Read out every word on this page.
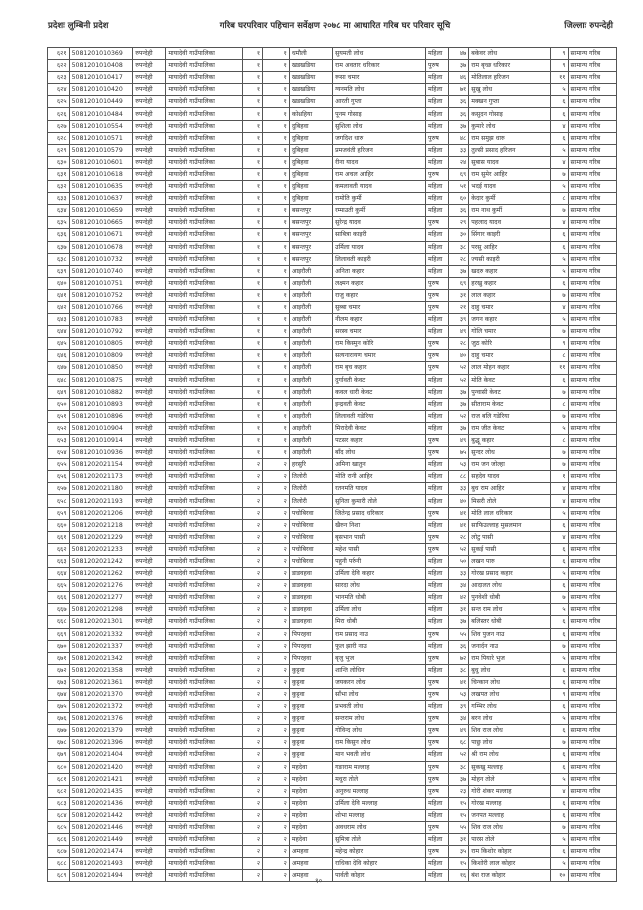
प्रदेशः लुम्बिनी प्रदेश	गरिब घरपरिवार पहिचान सर्वेक्षण २०७८ मा आधारित गरिब घर परिवार सूचि	जिल्लाः रुपन्देही
६२१	5081201010369	रुपन्देही	मायादेवी गाउँपालिका	१	१	धमौली	सुयमती लोध	महिला	४७	बकेवर लोध	९	सामान्य गरिब
६२२	5081201010408	रुपन्देही	मायादेवी गाउँपालिका	१	१	खडखडिया	राम अवतार धरिकार	पुरुष	३७	राम बृच्छ धरिकार	९	सामान्य गरिब
६२३	5081201010417	रुपन्देही	मायादेवी गाउँपालिका	१	१	खडखडिया	रूसा चमार	महिला	४६	मोतिलाल हरिजन	११	सामान्य गरिब
६२४	5081201010420	रुपन्देही	मायादेवी गाउँपालिका	१	१	खडखडिया	ग्यनमति लोध	महिला	७१	सुखु लोध	५	सामान्य गरिब
६२५	5081201010449	रुपन्देही	मायादेवी गाउँपालिका	१	१	खडखडिया	आरती गुप्ता	महिला	३६	मक्खन गुप्ता	६	सामान्य गरिब
६२६	5081201010484	रुपन्देही	मायादेवी गाउँपालिका	१	१	कोथ्रहिया	पूनम गोसाइ	महिला	३६	कसुदन गोसाइ	६	सामान्य गरिब
६२७	5081201010554	रुपन्देही	मायादेवी गाउँपालिका	१	१	दुबिहवा	सुशिला लोध	महिला	३७	कुमारे लोध	४	सामान्य गरिब
६२८	5081201010571	रुपन्देही	मायादेवी गाउँपालिका	१	१	दुबिहवा	जगदिश धारु	पुरुष	४८	राम समुझ धारु	६	सामान्य गरिब
६२९	5081201010579	रुपन्देही	मायादेवी गाउँपालिका	१	१	दुबिहवा	प्रमजवंती हरिजन	महिला	३३	तुल्सी प्रसाद हरिजन	५	सामान्य गरिब
६३०	5081201010601	रुपन्देही	मायादेवी गाउँपालिका	१	१	दुबिहवा	रीना यादव	महिला	२४	सुबास यादव	४	सामान्य गरिब
६३१	5081201010618	रुपन्देही	मायादेवी गाउँपालिका	१	१	दुबिहवा	राम अचल आहिर	पुरुष	६९	राम सुमेर आहिर	७	सामान्य गरिब
६३२	5081201010635	रुपन्देही	मायादेवी गाउँपालिका	१	१	दुबिहवा	कमलावती यादव	महिला	५१	भदई यादव	५	सामान्य गरिब
६३३	5081201010637	रुपन्देही	मायादेवी गाउँपालिका	१	१	दुबिहवा	रामोति कुर्मी	महिला	६०	केदार कुर्मी	८	सामान्य गरिब
६३४	5081201010659	रुपन्देही	मायादेवी गाउँपालिका	१	१	बसन्तपुर	रम्माउती कुर्मी	महिला	३६	राम नाथ कुर्मी	७	सामान्य गरिब
६३५	5081201010665	रुपन्देही	मायादेवी गाउँपालिका	१	१	बसन्तपुर	सुरेन्द्र यादव	पुरुष	२९	पहलाद यादव	४	सामान्य गरिब
६३६	5081201010671	रुपन्देही	मायादेवी गाउँपालिका	१	१	बसन्तपुर	साबित्रा काइरी	महिला	३०	सिंगार काइरी	६	सामान्य गरिब
६३७	5081201010678	रुपन्देही	मायादेवी गाउँपालिका	१	१	बसन्तपुर	उर्मिला यादव	महिला	३८	परसु आहिर	६	सामान्य गरिब
६३८	5081201010732	रुपन्देही	मायादेवी गाउँपालिका	१	१	बसन्तपुर	लिलावती काइरी	महिला	२८	ज्यसी काइरी	५	सामान्य गरिब
६३९	5081201010740	रुपन्देही	मायादेवी गाउँपालिका	१	१	आइरौली	अनिता कहार	महिला	३७	खदरु कहार	५	सामान्य गरिब
६४०	5081201010751	रुपन्देही	मायादेवी गाउँपालिका	१	१	आइरौली	लक्ष्मन कहार	पुरुष	६९	हरखु कहार	६	सामान्य गरिब
६४१	5081201010752	रुपन्देही	मायादेवी गाउँपालिका	१	१	आइरौली	राजु कहार	पुरुष	३१	लाल कहार	७	सामान्य गरिब
६४२	5081201010766	रुपन्देही	मायादेवी गाउँपालिका	१	१	आइरौली	सुब्बा चमार	पुरुष	२१	दाहु चमार	४	सामान्य गरिब
६४३	5081201010783	रुपन्देही	मायादेवी गाउँपालिका	१	१	आइरौली	नीलम कहार	महिला	३९	जगन कहार	५	सामान्य गरिब
६४४	5081201010792	रुपन्देही	मायादेवी गाउँपालिका	१	१	आइरौली	सरस्व चमार	महिला	४९	गोलि चमार	७	सामान्य गरिब
६४५	5081201010805	रुपन्देही	मायादेवी गाउँपालिका	१	१	आइरौली	राम किस्मुन कोरि	पुरुष	२८	जुठ कोरि	९	सामान्य गरिब
६४६	5081201010809	रुपन्देही	मायादेवी गाउँपालिका	१	१	आइरौली	सत्यनारायण चमार	पुरुष	४०	दाहु चमार	८	सामान्य गरिब
६४७	5081201010850	रुपन्देही	मायादेवी गाउँपालिका	१	१	आइरौली	राम बृच कहार	पुरुष	५२	लाल मोहन कहार	११	सामान्य गरिब
६४८	5081201010875	रुपन्देही	मायादेवी गाउँपालिका	१	१	आइरौली	दुर्गावती केवट	महिला	५२	मोति केवट	६	सामान्य गरिब
६४९	5081201010882	रुपन्देही	मायादेवी गाउँपालिका	१	१	आइरौली	कवल धारी केवट	महिला	३७	पुन्वासी केवट	७	सामान्य गरिब
६५०	5081201010893	रुपन्देही	मायादेवी गाउँपालिका	१	१	आइरौली	इन्द्रवती केवट	महिला	३७	सीताराम केवट	८	सामान्य गरिब
६५१	5081201010896	रुपन्देही	मायादेवी गाउँपालिका	१	१	आइरौली	लिलावती गडेरिया	महिला	५२	राज बलि गडेरिया	७	सामान्य गरिब
६५२	5081201010904	रुपन्देही	मायादेवी गाउँपालिका	१	१	आइरौली	मिरादेवी केवट	महिला	३७	राम जीत केवट	५	सामान्य गरिब
६५३	5081201010914	रुपन्देही	मायादेवी गाउँपालिका	१	१	आइरौली	पटसर कहार	पुरुष	४९	बुद्धू कहार	८	सामान्य गरिब
६५४	5081201010936	रुपन्देही	मायादेवी गाउँपालिका	१	१	आइरौली	बाँद लोध	पुरुष	७५	सुन्दर लोध	७	सामान्य गरिब
६५५	5081202021154	रुपन्देही	मायादेवी गाउँपालिका	२	२	हरसुरि	अमिना खातुन	महिला	५३	राम जन जोल्हा	७	सामान्य गरिब
६५६	5081202021173	रुपन्देही	मायादेवी गाउँपालिका	२	२	तिलोरी	मोति रानी आहिर	महिला	८८	सहदेव यादव	१	सामान्य गरिब
६५७	5081202021180	रुपन्देही	मायादेवी गाउँपालिका	२	२	तिलोरी	रतनमति यादव	महिला	३३	बुध राम आहिर	४	सामान्य गरिब
६५८	5081202021193	रुपन्देही	मायादेवी गाउँपालिका	२	२	तिलोरी	सुनिता कुमारी तोले	महिला	४०	मिसरी तोले	४	सामान्य गरिब
६५९	5081202021206	रुपन्देही	मायादेवी गाउँपालिका	२	२	पचोबिरवा	जितेन्द्र प्रसाद धरिकार	पुरुष	४१	मोति लाल धरिकार	५	सामान्य गरिब
६६०	5081202021218	रुपन्देही	मायादेवी गाउँपालिका	२	२	पचोबिरवा	खैरुन निशा	महिला	४१	साफिउल्लाह मुसलमान	६	सामान्य गरिब
६६१	5081202021229	रुपन्देही	मायादेवी गाउँपालिका	२	२	पचोबिरवा	बृसभान पासी	पुरुष	२८	लोटु पासी	४	सामान्य गरिब
६६२	5081202021233	रुपन्देही	मायादेवी गाउँपालिका	२	२	पचोबिरवा	महेश पासी	पुरुष	५२	सुकई पासी	६	सामान्य गरिब
६६३	5081202021242	रुपन्देही	मायादेवी गाउँपालिका	२	२	पचोबिरवा	पहुनी पर्रुनी	महिला	५०	लखन पारु	६	सामान्य गरिब
६६४	5081202021262	रुपन्देही	मायादेवी गाउँपालिका	२	२	डाडवहवा	उर्मिला देवि कहार	महिला	३३	गोरख प्रसाद कहार	५	सामान्य गरिब
६६५	5081202021276	रुपन्देही	मायादेवी गाउँपालिका	२	२	डाडवहवा	सारदा लोध	महिला	३४	आदालत लोध	६	सामान्य गरिब
६६६	5081202021277	रुपन्देही	मायादेवी गाउँपालिका	२	२	डाडवहवा	भानमति धोबी	महिला	४२	पुनवेशी धोबी	७	सामान्य गरिब
६६७	5081202021298	रुपन्देही	मायादेवी गाउँपालिका	२	२	डाडवहवा	उर्मिला लोध	महिला	३१	सन्त राम लोध	५	सामान्य गरिब
६६८	5081202021301	रुपन्देही	मायादेवी गाउँपालिका	२	२	डाडवहवा	मिरा धोबी	महिला	३७	बलिस्तर धोबी	६	सामान्य गरिब
६६९	5081202021332	रुपन्देही	मायादेवी गाउँपालिका	२	२	पिपरहवा	राम प्रसाद नाउ	पुरुष	५५	शिव पुजन नाउ	६	सामान्य गरिब
६७०	5081202021337	रुपन्देही	मायादेवी गाउँपालिका	२	२	पिपरहवा	फूल झारी नाउ	महिला	३६	जनार्दन नाउ	७	सामान्य गरिब
६७१	5081202021342	रुपन्देही	मायादेवी गाउँपालिका	२	२	पिपरहवा	बृजु भुज	पुरुष	७२	राम पियारे भुज	५	सामान्य गरिब
६७२	5081202021358	रुपन्देही	मायादेवी गाउँपालिका	२	२	कुट्टवा	शान्ति लोधिन	महिला	३८	बुधु लोध	६	सामान्य गरिब
६७३	5081202021361	रुपन्देही	मायादेवी गाउँपालिका	२	२	कुट्टवा	जयकरन लोध	पुरुष	४१	चिन्कान लोध	६	सामान्य गरिब
६७४	5081202021370	रुपन्देही	मायादेवी गाउँपालिका	२	२	कुट्टवा	साँभा लोध	पुरुष	५३	लखपत लोध	९	सामान्य गरिब
६७५	5081202021372	रुपन्देही	मायादेवी गाउँपालिका	२	२	कुट्टवा	प्रभवती लोध	महिला	३९	गम्भिर लोध	६	सामान्य गरिब
६७६	5081202021376	रुपन्देही	मायादेवी गाउँपालिका	२	२	कुट्टवा	सन्तराम लोध	पुरुष	३४	बरन लोध	५	सामान्य गरिब
६७७	5081202021379	रुपन्देही	मायादेवी गाउँपालिका	२	२	कुट्टवा	गोविन्द लोध	पुरुष	४९	शिव राज लोध	६	सामान्य गरिब
६७८	5081202021396	रुपन्देही	मायादेवी गाउँपालिका	२	२	कुट्टवा	राम किसुन लोध	पुरुष	६८	पाछु लोध	७	सामान्य गरिब
६७९	5081202021404	रुपन्देही	मायादेवी गाउँपालिका	२	२	कुट्टवा	मान भवती लोध	महिला	५२	श्री राम लोध	६	सामान्य गरिब
६८०	5081202021420	रुपन्देही	मायादेवी गाउँपालिका	२	२	महदेवा	गङाराम मल्लाह	पुरुष	३८	सुकखु मल्लाह	६	सामान्य गरिब
६८१	5081202021421	रुपन्देही	मायादेवी गाउँपालिका	२	२	महदेवा	मधुरा तोले	पुरुष	३७	मोहन तोले	५	सामान्य गरिब
६८२	5081202021435	रुपन्देही	मायादेवी गाउँपालिका	२	२	महदेवा	अनुरुध मल्लाह	पुरुष	२३	गोरी शंकर मल्लाह	४	सामान्य गरिब
६८३	5081202021436	रुपन्देही	मायादेवी गाउँपालिका	२	२	महदेवा	उर्मिला देवि मल्लाह	महिला	१५	गोरख मल्लाह	६	सामान्य गरिब
६८४	5081202021442	रुपन्देही	मायादेवी गाउँपालिका	२	२	महदेवा	शोभा मल्लाह	महिला	१५	जनपत मल्लाह	६	सामान्य गरिब
६८५	5081202021446	रुपन्देही	मायादेवी गाउँपालिका	२	२	महदेवा	अवधराम लोध	पुरुष	५५	शिव राज लोध	७	सामान्य गरिब
६८६	5081202021449	रुपन्देही	मायादेवी गाउँपालिका	२	२	महदेवा	सुमित्रा तोले	महिला	३१	पारस तोले	५	सामान्य गरिब
६८७	5081202021474	रुपन्देही	मायादेवी गाउँपालिका	२	२	अमहवा	महेन्द्र कोहार	पुरुष	३५	राम किशोर कोहार	६	सामान्य गरिब
६८८	5081202021493	रुपन्देही	मायादेवी गाउँपालिका	२	२	अमहवा	राधिका देवि कोहार	महिला	१५	किशोरी लाल कोहार	५	सामान्य गरिब
६८९	5081202021494	रुपन्देही	मायादेवी गाउँपालिका	२	२	अमहवा	पार्वती कोहार	महिला	१६	बंश राज कोहार	१०	सामान्य गरिब
१०
